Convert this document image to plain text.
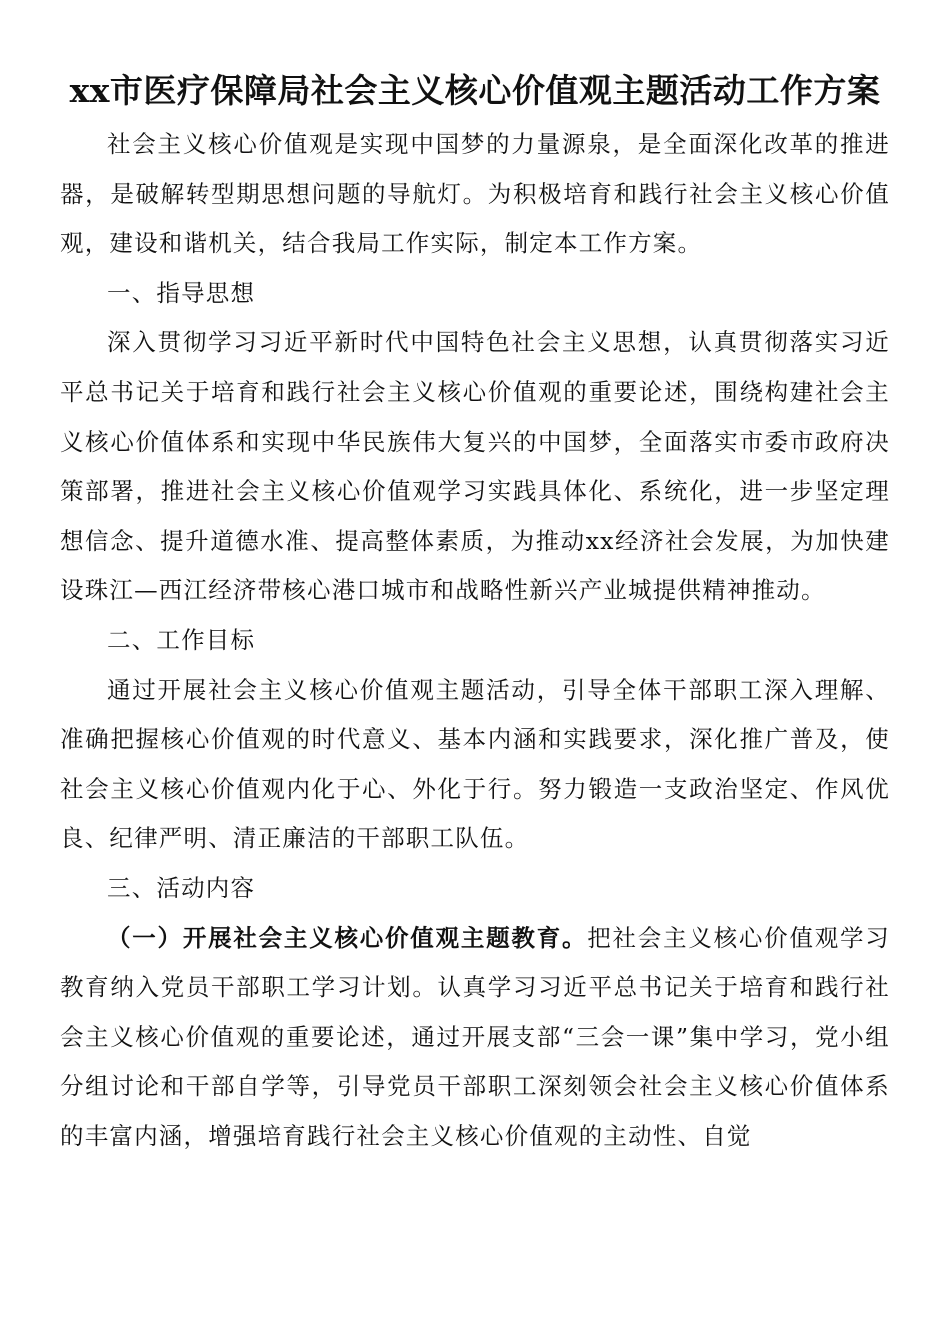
xx市医疗保障局社会主义核心价值观主题活动工作方案

社会主义核心价值观是实现中国梦的力量源泉，是全面深化改革的推进器，是破解转型期思想问题的导航灯。为积极培育和践行社会主义核心价值观，建设和谐机关，结合我局工作实际，制定本工作方案。

一、指导思想

深入贯彻学习习近平新时代中国特色社会主义思想，认真贯彻落实习近平总书记关于培育和践行社会主义核心价值观的重要论述，围绕构建社会主义核心价值体系和实现中华民族伟大复兴的中国梦，全面落实市委市政府决策部署，推进社会主义核心价值观学习实践具体化、系统化，进一步坚定理想信念、提升道德水准、提高整体素质，为推动xx经济社会发展，为加快建设珠江—西江经济带核心港口城市和战略性新兴产业城提供精神推动。

二、工作目标

通过开展社会主义核心价值观主题活动，引导全体干部职工深入理解、准确把握核心价值观的时代意义、基本内涵和实践要求，深化推广普及，使社会主义核心价值观内化于心、外化于行。努力锻造一支政治坚定、作风优良、纪律严明、清正廉洁的干部职工队伍。

三、活动内容

（一）开展社会主义核心价值观主题教育。把社会主义核心价值观学习教育纳入党员干部职工学习计划。认真学习习近平总书记关于培育和践行社会主义核心价值观的重要论述，通过开展支部“三会一课”集中学习，党小组分组讨论和干部自学等，引导党员干部职工深刻领会社会主义核心价值体系的丰富内涵，增强培育践行社会主义核心价值观的主动性、自觉
